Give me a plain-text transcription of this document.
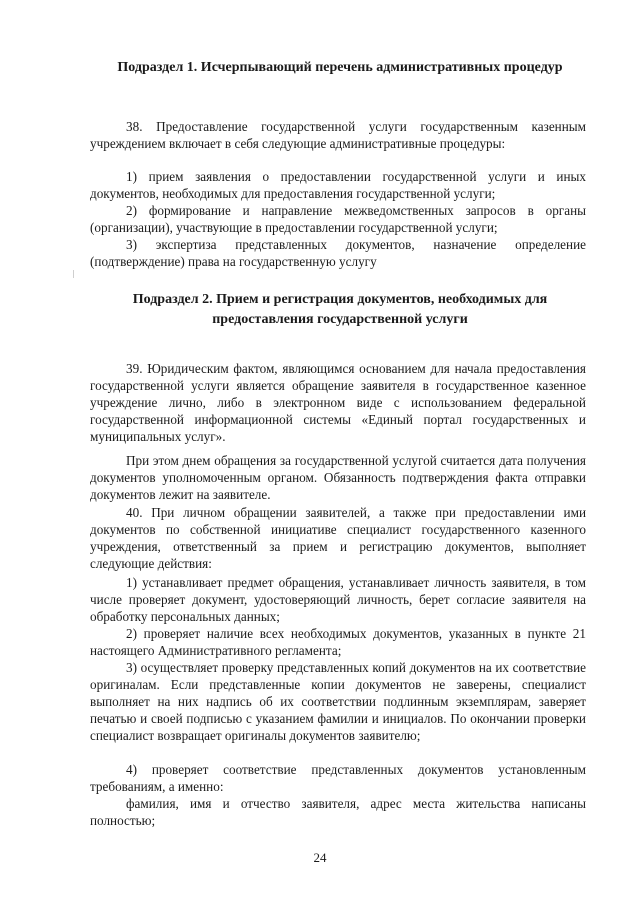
Подраздел 1. Исчерпывающий перечень административных процедур
38. Предоставление государственной услуги государственным казенным учреждением включает в себя следующие административные процедуры:
1) прием заявления о предоставлении государственной услуги и иных документов, необходимых для предоставления государственной услуги;
2) формирование и направление межведомственных запросов в органы (организации), участвующие в предоставлении государственной услуги;
3) экспертиза представленных документов, назначение определение (подтверждение) права на государственную услугу
Подраздел 2. Прием и регистрация документов, необходимых для предоставления государственной услуги
39. Юридическим фактом, являющимся основанием для начала предоставления государственной услуги является обращение заявителя в государственное казенное учреждение лично, либо в электронном виде с использованием федеральной государственной информационной системы «Единый портал государственных и муниципальных услуг».
При этом днем обращения за государственной услугой считается дата получения документов уполномоченным органом. Обязанность подтверждения факта отправки документов лежит на заявителе.
40. При личном обращении заявителей, а также при предоставлении ими документов по собственной инициативе специалист государственного казенного учреждения, ответственный за прием и регистрацию документов, выполняет следующие действия:
1) устанавливает предмет обращения, устанавливает личность заявителя, в том числе проверяет документ, удостоверяющий личность, берет согласие заявителя на обработку персональных данных;
2) проверяет наличие всех необходимых документов, указанных в пункте 21 настоящего Административного регламента;
3) осуществляет проверку представленных копий документов на их соответствие оригиналам. Если представленные копии документов не заверены, специалист выполняет на них надпись об их соответствии подлинным экземплярам, заверяет печатью и своей подписью с указанием фамилии и инициалов. По окончании проверки специалист возвращает оригиналы документов заявителю;
4) проверяет соответствие представленных документов установленным требованиям, а именно:
фамилия, имя и отчество заявителя, адрес места жительства написаны полностью;
24
